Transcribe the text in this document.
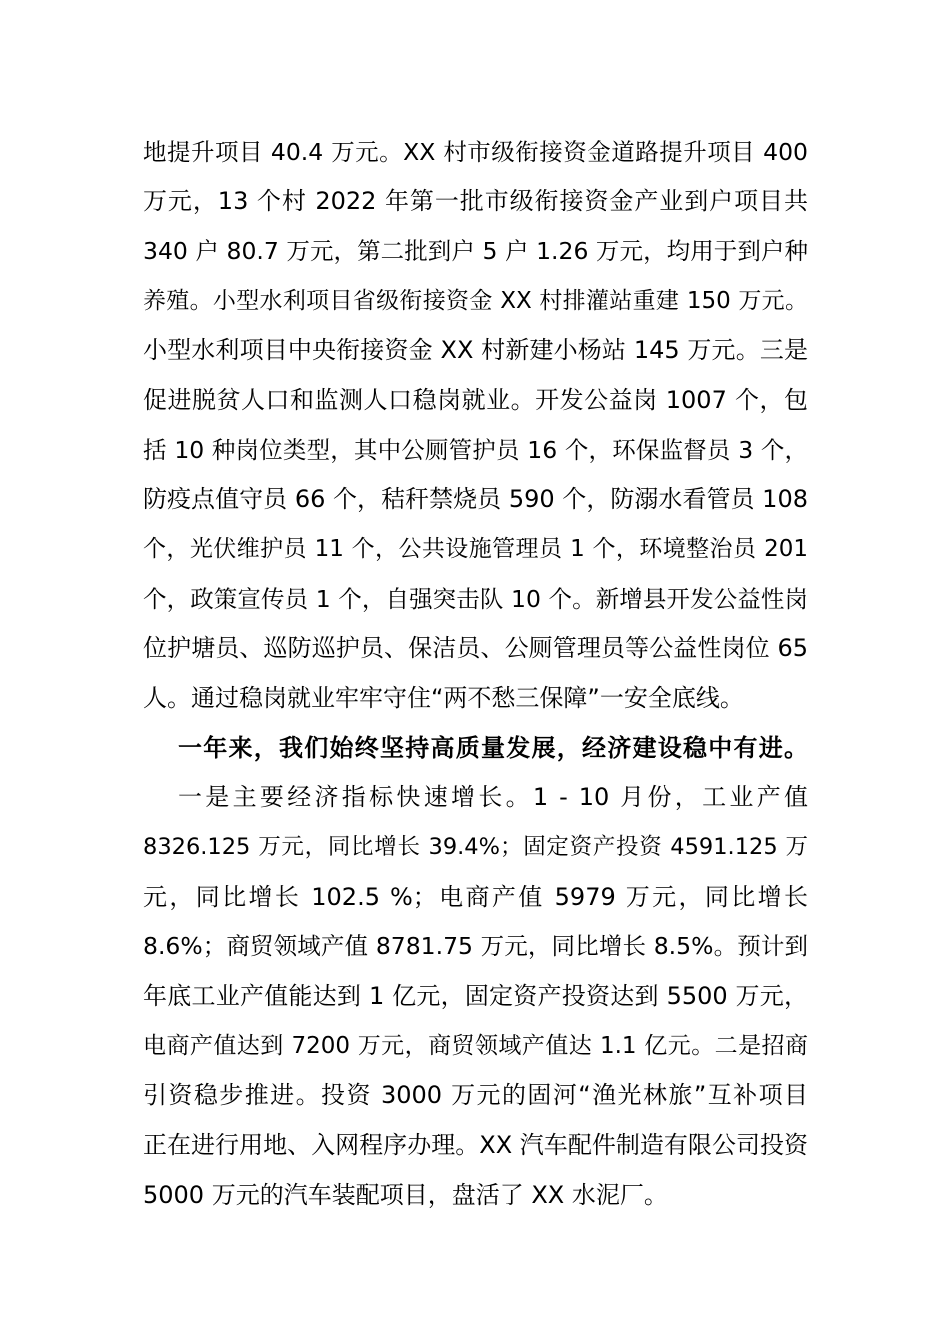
地提升项目 40.4 万元。XX 村市级衔接资金道路提升项目 400
万元，13 个村 2022 年第一批市级衔接资金产业到户项目共
340 户 80.7 万元，第二批到户 5 户 1.26 万元，均用于到户种
养殖。小型水利项目省级衔接资金 XX 村排灌站重建 150 万元。
小型水利项目中央衔接资金 XX 村新建小杨站 145 万元。三是
促进脱贫人口和监测人口稳岗就业。开发公益岗 1007 个，包
括 10 种岗位类型，其中公厕管护员 16 个，环保监督员 3 个，
防疫点值守员 66 个，秸秆禁烧员 590 个，防溺水看管员 108
个，光伏维护员 11 个，公共设施管理员 1 个，环境整治员 201
个，政策宣传员 1 个，自强突击队 10 个。新增县开发公益性岗
位护塘员、巡防巡护员、保洁员、公厕管理员等公益性岗位 65
人。通过稳岗就业牢牢守住“两不愁三保障”一安全底线。
一年来，我们始终坚持高质量发展，经济建设稳中有进。
一是主要经济指标快速增长。1 - 10 月份，工业产值
8326.125 万元，同比增长 39.4%；固定资产投资 4591.125 万
元，同比增长 102.5 %；电商产值 5979 万元，同比增长
8.6%；商贸领域产值 8781.75 万元，同比增长 8.5%。预计到
年底工业产值能达到 1 亿元，固定资产投资达到 5500 万元，
电商产值达到 7200 万元，商贸领域产值达 1.1 亿元。二是招商
引资稳步推进。投资 3000 万元的固河“渔光林旅”互补项目
正在进行用地、入网程序办理。XX 汽车配件制造有限公司投资
5000 万元的汽车装配项目，盘活了 XX 水泥厂。
